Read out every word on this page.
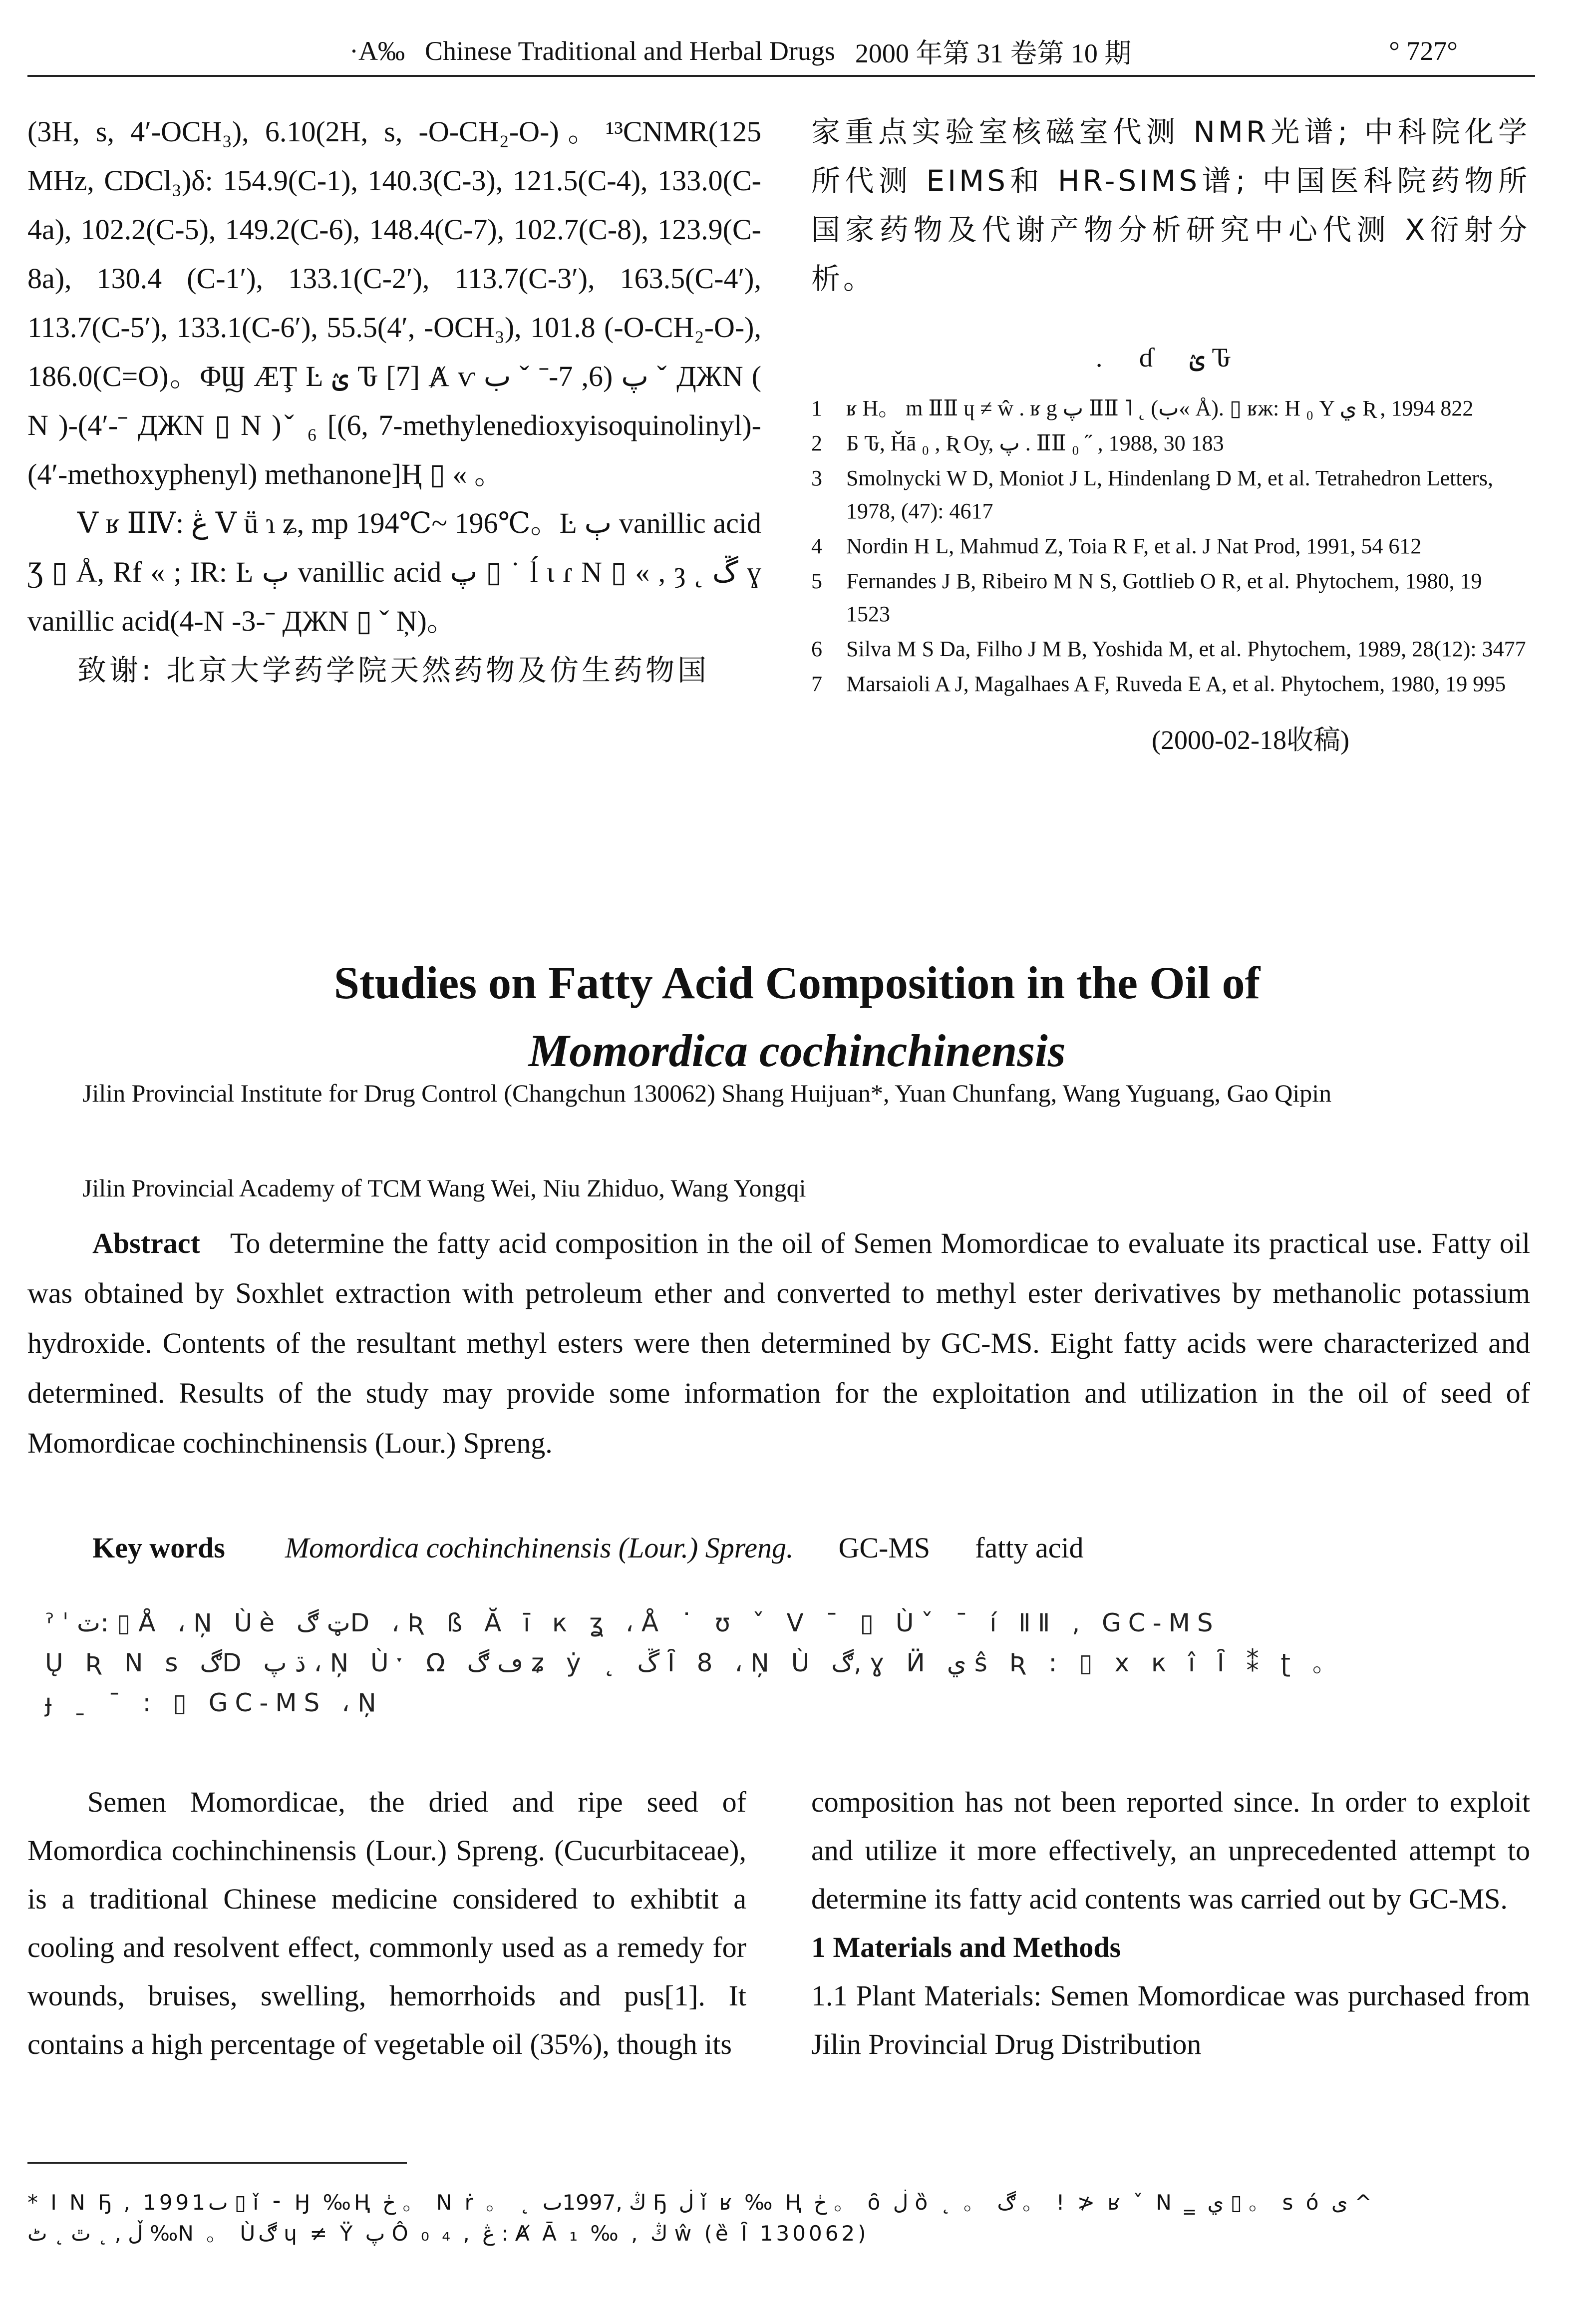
·A‰ Chinese Traditional and Herbal Drugs 2000 年第 31 卷第 10 期	° 727°

(3H, s, 4′-OCH₃), 6.10(2H, s, -O-CH₂-O-)。¹³CNMR(125 MHz, CDCl₃)δ: 154.9(C-1), 140.3(C-3), 121.5(C-4), 133.0(C-4a), 102.2(C-5), 149.2(C-6), 148.4(C-7), 102.7(C-8), 123.9(C-8a), 130.4 (C-1′), 133.1(C-2′), 113.7(C-3′), 163.5(C-4′), 113.7(C-5′), 133.1(C-6′), 55.5(4′, -OCH₃), 101.8 (-O-CH₂-O-), 186.0(C=O)。ΦϢ ÆŢ Ŀ ؽ Ԏ [7] Ⱥ ⱱ پ (6, 7-ˉ ˇ ب ˇ ДЖΝ ( Ν )-(4′-ˉ ДЖΝ ▯ Ν )ˇ ₆ [(6, 7-methylenedioxyisoquinolinyl)-(4′-methoxyphenyl) methanone]Ⱨ ▯ « 。

Ⅴ ʁ ⅡⅣ: ڠ Ⅴ ṻ ɿ ʑ, mp 194℃~ 196℃。Ŀ ٻ vanillic acid Ʒ ▯ Å, Rf « ; IR: Ŀ ٻ vanillic acid پ ▯ ˙ ĺ ɩ ɾ Ν ▯ « , ȝ ˛ ڱ ɣ vanillic acid(4-Ν -3-ˉ ДЖΝ ▯ ˇ Ņ)。

致谢: 北京大学药学院天然药物及仿生药物国

家重点实验室核磁室代测 NMR光谱; 中科院化学所代测 EIMS和 HR-SIMS谱; 中国医科院药物所国家药物及代谢产物分析研究中心代测 X衍射分析。

. ɗ ؽ Ԏ
1	ʁ H。 m ⅡⅡ ɥ ≠ ŵ . ʁ g پ ⅡⅡ ˥ ˛ (ب« Å). ▯ ʁж: H ₀ Υ ي Ʀ , 1994 822
2	Б Ԏ, Ȟā ₀ , Ʀ Оу, پ . ⅡⅡ ₀ ˝ , 1988, 30 183
3	Smolnycki W D, Moniot J L, Hindenlang D M, et al. Tetrahedron Letters, 1978, (47): 4617
4	Nordin H L, Mahmud Z, Toia R F, et al. J Nat Prod, 1991, 54 612
5	Fernandes J B, Ribeiro M N S, Gottlieb O R, et al. Phytochem, 1980, 19 1523
6	Silva M S Da, Filho J M B, Yoshida M, et al. Phytochem, 1989, 28(12): 3477
7	Marsaioli A J, Magalhaes A F, Ruveda E A, et al. Phytochem, 1980, 19 995
(2000-02-18收稿)
Studies on Fatty Acid Composition in the Oil of
Momordica cochinchinensis
Jilin Provincial Institute for Drug Control (Changchun 130062) Shang Huijuan*, Yuan Chunfang, Wang Yuguang, Gao Qipin
Jilin Provincial Academy of TCM Wang Wei, Niu Zhiduo, Wang Yongqi
Abstract To determine the fatty acid composition in the oil of Semen Momordicae to evaluate its practical use. Fatty oil was obtained by Soxhlet extraction with petroleum ether and converted to methyl ester derivatives by methanolic potassium hydroxide. Contents of the resultant methyl esters were then determined by GC-MS. Eight fatty acids were characterized and determined. Results of the study may provide some information for the exploitation and utilization in the oil of seed of Momordicae cochinchinensis (Lour.) Spreng.
Key words Momordica cochinchinensis (Lour.) Spreng. GC-MS fatty acid
ˀ ˈ ٽ: ▯ Å ، Ņ Ùè ټ ڰD ، Ʀ ß Ă ī к ʓ ، Å ˙ ʊ ˇ Ⅴ ˉ ▯ Ùˇ ˉ í ⅡⅡ , GC-MS
Ų Ʀ Ν s ڰD ڌ پ ، Ņ Ùˑ Ω ڡ ڰ ʑ ẏ ˛ ڱ Ȋ 8 ، Ņ Ù ڰ, ɣ Ӥ ي ŝ Ʀ : ▯ x к î Ȋ ⁑ ʈ 。
ɟ ˍ ˉ : ▯ GC-MS ، Ņ

Semen Momordicae, the dried and ripe seed of Momordica cochinchinensis (Lour.) Spreng. (Cucurbitaceae), is a traditional Chinese medicine considered to exhibtit a cooling and resolvent effect, commonly used as a remedy for wounds, bruises, swelling, hemorrhoids and pus[1]. It contains a high percentage of vegetable oil (35%), though its

composition has not been reported since. In order to exploit and utilize it more effectively, an unprecedented attempt to determine its fatty acid contents was carried out by GC-MS.

1 Materials and Methods

1.1 Plant Materials: Semen Momordicae was purchased from Jilin Provincial Drug Distribution

* Ⅰ Ν Ҕ , 1991ٮ ▯ ǐ ⁃ Ӈ ‰Ⱨ ڂ 。 Ν ṙ 。 ˛ ڭ ,1997ٮ Ҕ ڶ ǐ ʁ ‰ Ⱨ ڂ 。 ȏ ڶ ȍ ˛ 。 ڰ 。 ! ≯ ʁ ˇ Ν ‗ ي ▯ 。 s ó ى ^
ڵ , ˛ ٿ ˛ ٹ ‰Ν 。 Ùڰ ɥ ≠ Ÿ پ Ô ₀ ₄ , ڠ : Ⱥ Ā ₁ ‰ , ڭ ŵ (ȅ Ȋ 130062)
